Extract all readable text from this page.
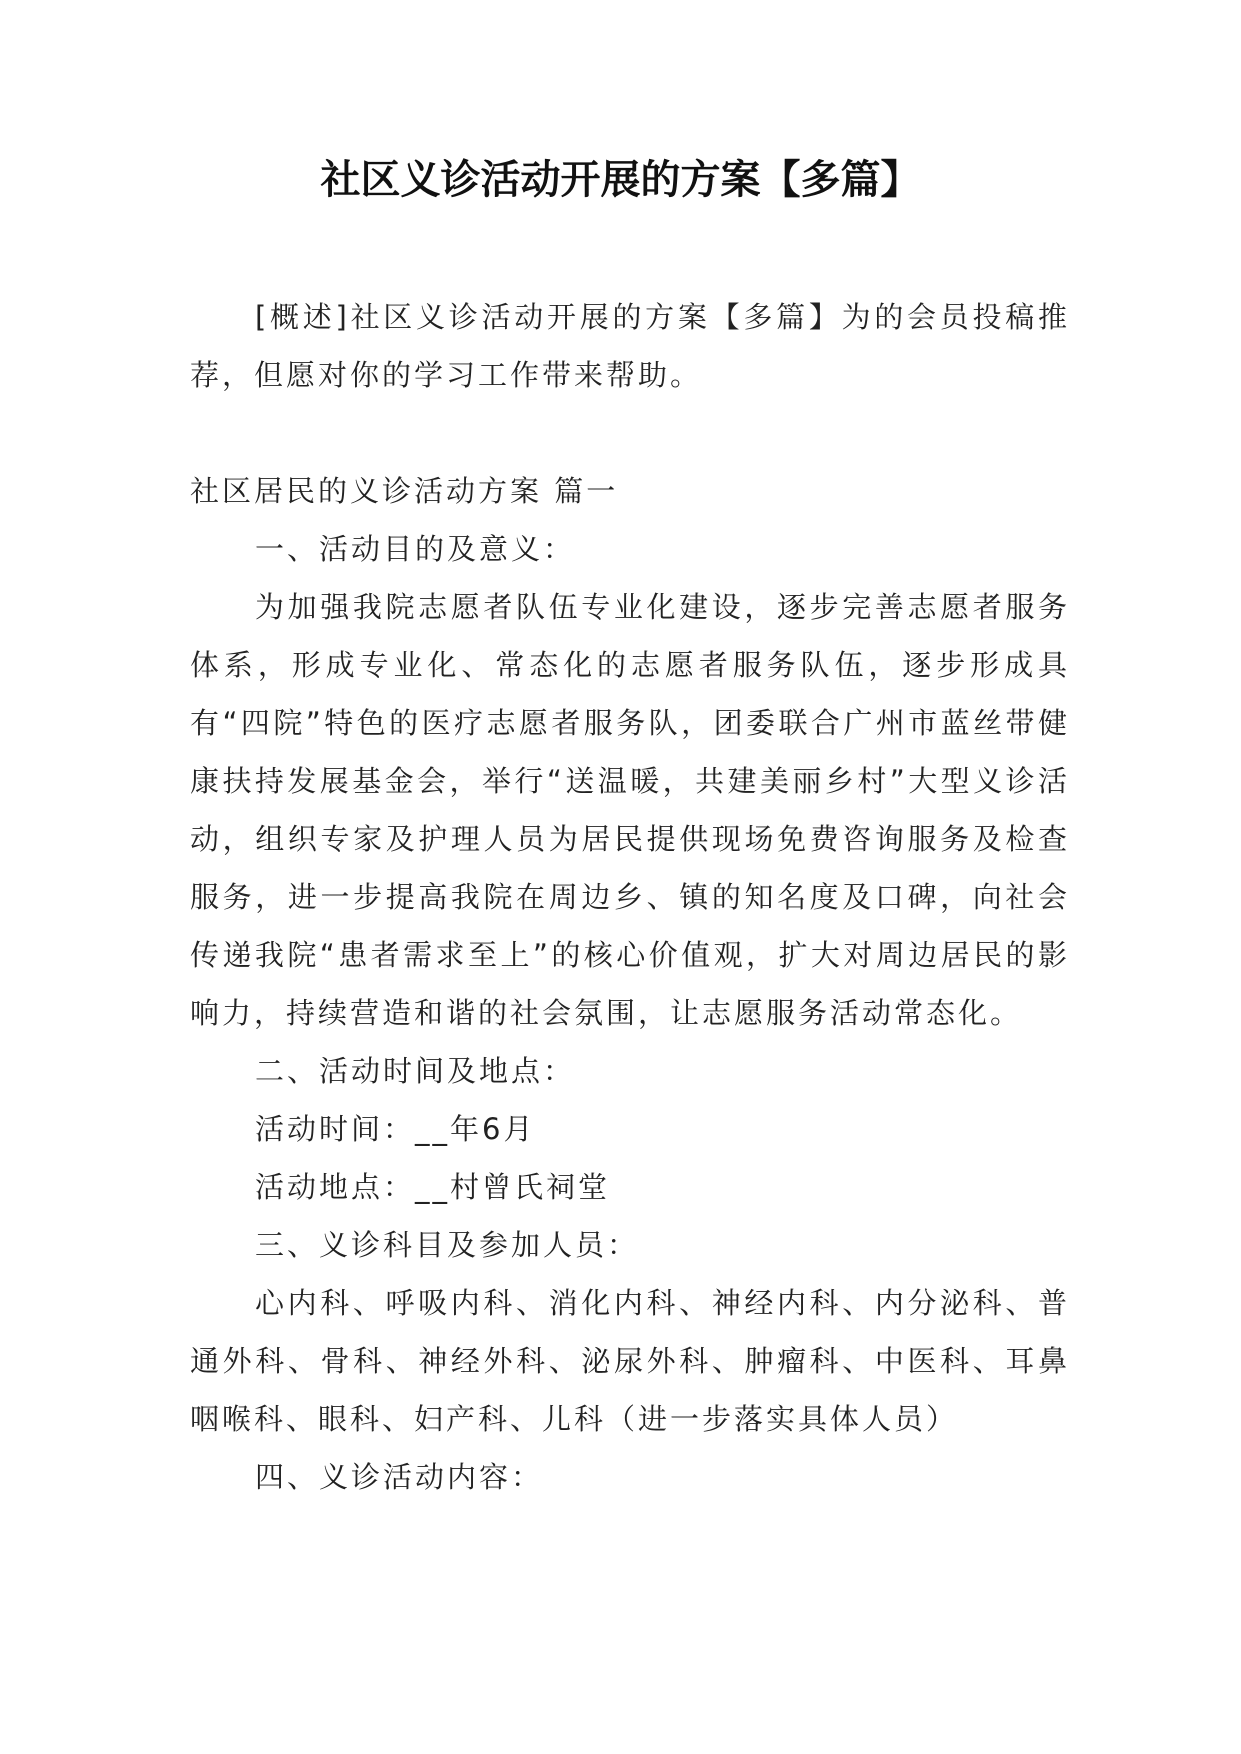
社区义诊活动开展的方案【多篇】

[概述]社区义诊活动开展的方案【多篇】为的会员投稿推荐，但愿对你的学习工作带来帮助。

社区居民的义诊活动方案 篇一

一、活动目的及意义：

为加强我院志愿者队伍专业化建设，逐步完善志愿者服务体系，形成专业化、常态化的志愿者服务队伍，逐步形成具有“四院”特色的医疗志愿者服务队，团委联合广州市蓝丝带健康扶持发展基金会，举行“送温暖，共建美丽乡村”大型义诊活动，组织专家及护理人员为居民提供现场免费咨询服务及检查服务，进一步提高我院在周边乡、镇的知名度及口碑，向社会传递我院“患者需求至上”的核心价值观，扩大对周边居民的影响力，持续营造和谐的社会氛围，让志愿服务活动常态化。

二、活动时间及地点：

活动时间：__年6月

活动地点：__村曾氏祠堂

三、义诊科目及参加人员：

心内科、呼吸内科、消化内科、神经内科、内分泌科、普通外科、骨科、神经外科、泌尿外科、肿瘤科、中医科、耳鼻咽喉科、眼科、妇产科、儿科（进一步落实具体人员）

四、义诊活动内容：
